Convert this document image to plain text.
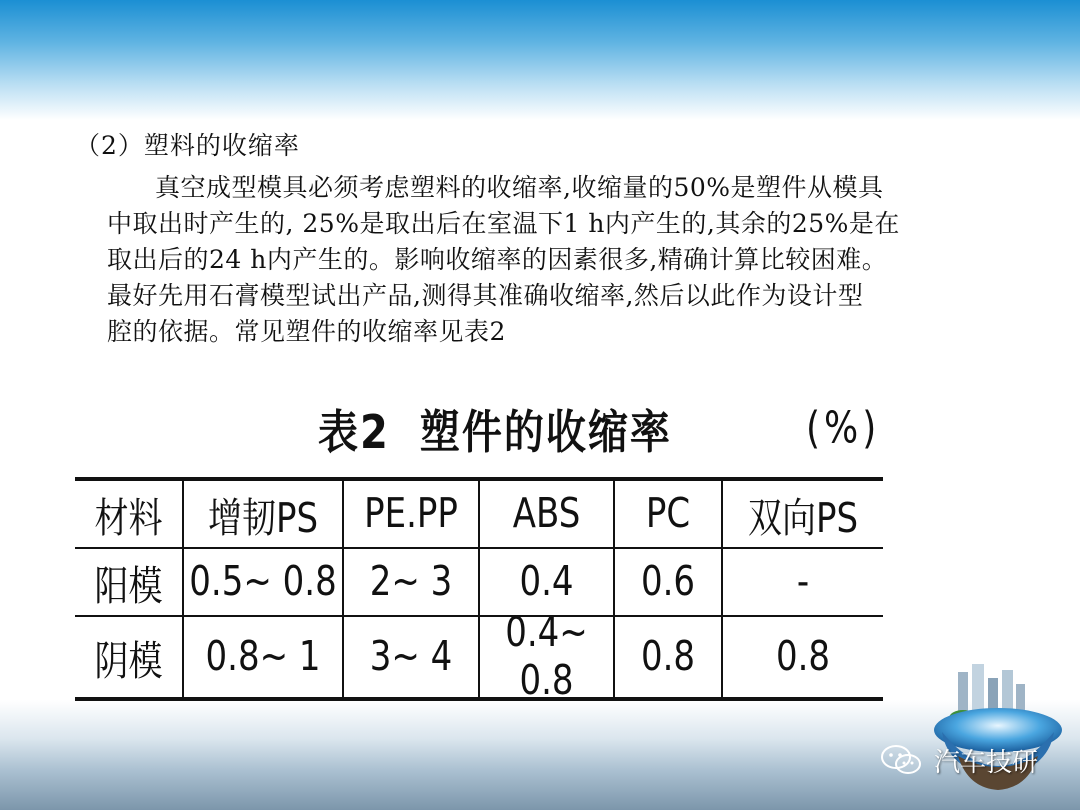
（2）塑料的收缩率
真空成型模具必须考虑塑料的收缩率,收缩量的50%是塑件从模具
中取出时产生的, 25%是取出后在室温下1 h内产生的,其余的25%是在
取出后的24 h内产生的。影响收缩率的因素很多,精确计算比较困难。
最好先用石膏模型试出产品,测得其准确收缩率,然后以此作为设计型
腔的依据。常见塑件的收缩率见表2
表2 塑件的收缩率	(%)
材料	增韧PS	PE.PP	ABS	PC	双向PS
阳模	0.5~ 0.8	2~ 3	0.4	0.6	-
阴模	0.8~ 1	3~ 4	0.4~ 0.8	0.8	0.8
汽车技研
